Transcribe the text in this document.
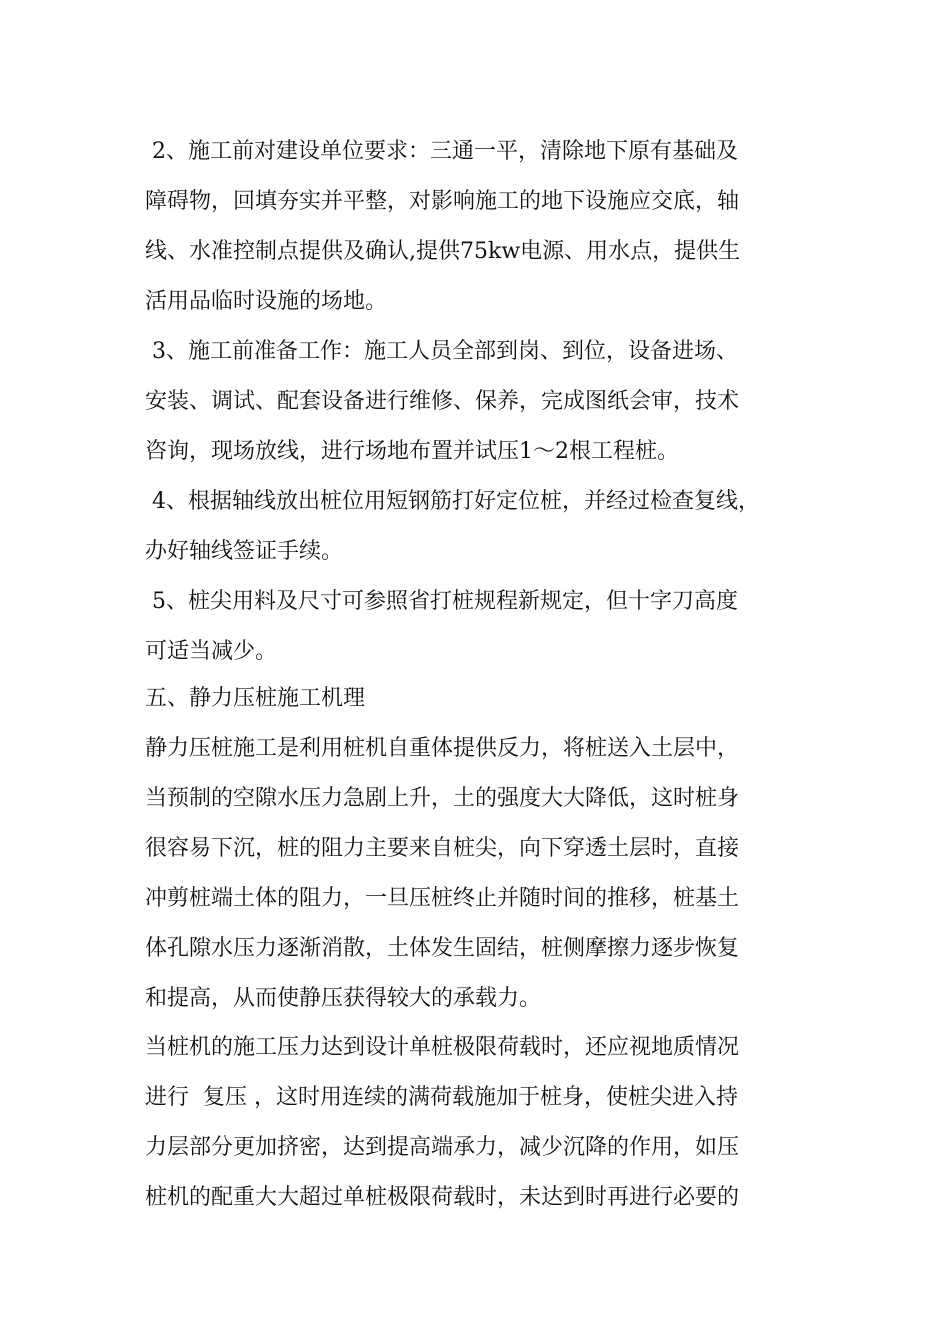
2、施工前对建设单位要求：三通一平，清除地下原有基础及
障碍物，回填夯实并平整，对影响施工的地下设施应交底，轴
线、水准控制点提供及确认,提供75kw电源、用水点，提供生
活用品临时设施的场地。
3、施工前准备工作：施工人员全部到岗、到位，设备进场、
安装、调试、配套设备进行维修、保养，完成图纸会审，技术
咨询，现场放线，进行场地布置并试压1～2根工程桩。
4、根据轴线放出桩位用短钢筋打好定位桩，并经过检查复线，
办好轴线签证手续。
5、桩尖用料及尺寸可参照省打桩规程新规定，但十字刀高度
可适当减少。
五、静力压桩施工机理
静力压桩施工是利用桩机自重体提供反力，将桩送入土层中，
当预制的空隙水压力急剧上升，土的强度大大降低，这时桩身
很容易下沉，桩的阻力主要来自桩尖，向下穿透土层时，直接
冲剪桩端土体的阻力，一旦压桩终止并随时间的推移，桩基土
体孔隙水压力逐渐消散，土体发生固结，桩侧摩擦力逐步恢复
和提高，从而使静压获得较大的承载力。
当桩机的施工压力达到设计单桩极限荷载时，还应视地质情况
进行  复压 ，这时用连续的满荷载施加于桩身，使桩尖进入持
力层部分更加挤密，达到提高端承力，减少沉降的作用，如压
桩机的配重大大超过单桩极限荷载时，未达到时再进行必要的
